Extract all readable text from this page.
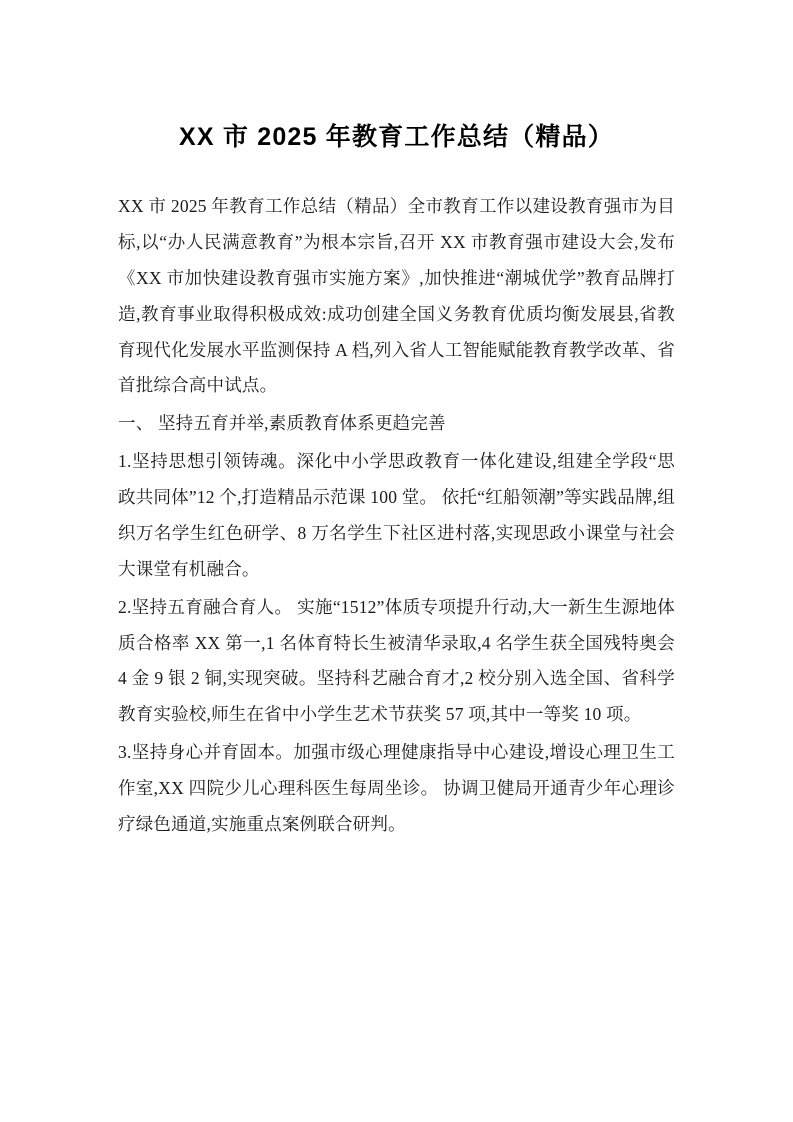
XX 市 2025 年教育工作总结（精品）

XX 市 2025 年教育工作总结（精品）全市教育工作以建设教育强市为目标,以“办人民满意教育”为根本宗旨,召开 XX 市教育强市建设大会,发布《XX 市加快建设教育强市实施方案》,加快推进“潮城优学”教育品牌打造,教育事业取得积极成效:成功创建全国义务教育优质均衡发展县,省教育现代化发展水平监测保持 A 档,列入省人工智能赋能教育教学改革、省首批综合高中试点。

一、 坚持五育并举,素质教育体系更趋完善

1.坚持思想引领铸魂。深化中小学思政教育一体化建设,组建全学段“思政共同体”12 个,打造精品示范课 100 堂。 依托“红船领潮”等实践品牌,组织万名学生红色研学、8 万名学生下社区进村落,实现思政小课堂与社会大课堂有机融合。

2.坚持五育融合育人。 实施“1512”体质专项提升行动,大一新生生源地体质合格率 XX 第一,1 名体育特长生被清华录取,4 名学生获全国残特奥会 4 金 9 银 2 铜,实现突破。坚持科艺融合育才,2 校分别入选全国、省科学教育实验校,师生在省中小学生艺术节获奖 57 项,其中一等奖 10 项。

3.坚持身心并育固本。加强市级心理健康指导中心建设,增设心理卫生工作室,XX 四院少儿心理科医生每周坐诊。 协调卫健局开通青少年心理诊疗绿色通道,实施重点案例联合研判。
